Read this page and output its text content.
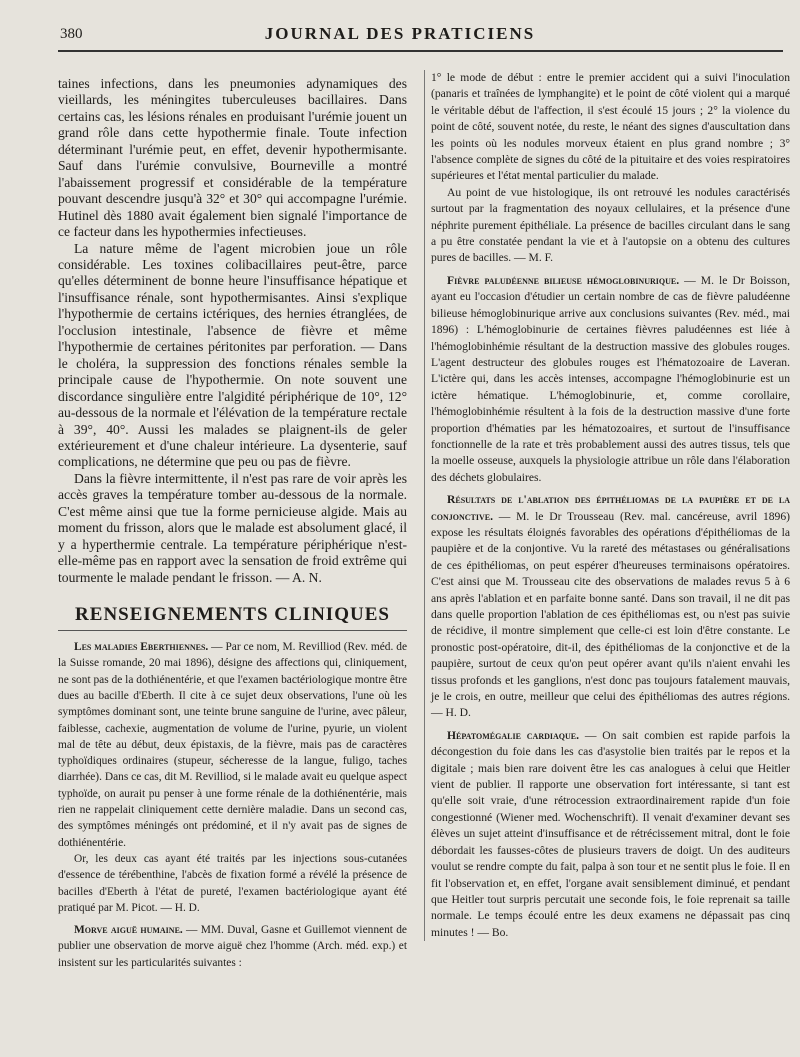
380	JOURNAL DES PRATICIENS

taines infections, dans les pneumonies adynamiques des vieillards, les méningites tuberculeuses bacillaires. Dans certains cas, les lésions rénales en produisant l'urémie jouent un grand rôle dans cette hypothermie finale. Toute infection déterminant l'urémie peut, en effet, devenir hypothermisante. Sauf dans l'urémie convulsive, Bourneville a montré l'abaissement progressif et considérable de la température pouvant descendre jusqu'à 32° et 30° qui accompagne l'urémie. Hutinel dès 1880 avait également bien signalé l'importance de ce facteur dans les hypothermies infectieuses.

La nature même de l'agent microbien joue un rôle considérable. Les toxines colibacillaires peut-être, parce qu'elles déterminent de bonne heure l'insuffisance hépatique et l'insuffisance rénale, sont hypothermisantes. Ainsi s'explique l'hypothermie de certains ictériques, des hernies étranglées, de l'occlusion intestinale, l'absence de fièvre et même l'hypothermie de certaines péritonites par perforation. — Dans le choléra, la suppression des fonctions rénales semble la principale cause de l'hypothermie. On note souvent une discordance singulière entre l'algidité périphérique de 10°, 12° au-dessous de la normale et l'élévation de la température rectale à 39°, 40°. Aussi les malades se plaignent-ils de geler extérieurement et d'une chaleur intérieure. La dysenterie, sauf complications, ne détermine que peu ou pas de fièvre.

Dans la fièvre intermittente, il n'est pas rare de voir après les accès graves la température tomber au-dessous de la normale. C'est même ainsi que tue la forme pernicieuse algide. Mais au moment du frisson, alors que le malade est absolument glacé, il y a hyperthermie centrale. La température périphérique n'est-elle-même pas en rapport avec la sensation de froid extrême qui tourmente le malade pendant le frisson. — A. N.

RENSEIGNEMENTS CLINIQUES

Les maladies Eberthiennes. — Par ce nom, M. Revilliod (Rev. méd. de la Suisse romande, 20 mai 1896), désigne des affections qui, cliniquement, ne sont pas de la dothiénentérie, et que l'examen bactériologique montre être dues au bacille d'Eberth. Il cite à ce sujet deux observations, l'une où les symptômes dominant sont, une teinte brune sanguine de l'urine, avec pâleur, faiblesse, cachexie, augmentation de volume de l'urine, pyurie, un violent mal de tête au début, deux épistaxis, de la fièvre, mais pas de caractères typhoïdiques ordinaires (stupeur, sécheresse de la langue, fuligo, taches diarrhée). Dans ce cas, dit M. Revilliod, si le malade avait eu quelque aspect typhoïde, on aurait pu penser à une forme rénale de la dothiénentérie, mais rien ne rappelait cliniquement cette dernière maladie. Dans un second cas, des symptômes méningés ont prédominé, et il n'y avait pas de signes de dothiénentérie.

Or, les deux cas ayant été traités par les injections sous-cutanées d'essence de térébenthine, l'abcès de fixation formé a révélé la présence de bacilles d'Eberth à l'état de pureté, l'examen bactériologique ayant été pratiqué par M. Picot. — H. D.

Morve aiguë humaine. — MM. Duval, Gasne et Guillemot viennent de publier une observation de morve aiguë chez l'homme (Arch. méd. exp.) et insistent sur les particularités suivantes :

1° le mode de début : entre le premier accident qui a suivi l'inoculation (panaris et traînées de lymphangite) et le point de côté violent qui a marqué le véritable début de l'affection, il s'est écoulé 15 jours ; 2° la violence du point de côté, souvent notée, du reste, le néant des signes d'auscultation dans les points où les nodules morveux étaient en plus grand nombre ; 3° l'absence complète de signes du côté de la pituitaire et des voies respiratoires supérieures et l'état mental particulier du malade.

Au point de vue histologique, ils ont retrouvé les nodules caractérisés surtout par la fragmentation des noyaux cellulaires, et la présence d'une néphrite purement épithéliale. La présence de bacilles circulant dans le sang a pu être constatée pendant la vie et à l'autopsie on a obtenu des cultures pures de bacilles. — M. F.

Fièvre paludéenne bilieuse hémoglobinurique. — M. le Dr Boisson, ayant eu l'occasion d'étudier un certain nombre de cas de fièvre paludéenne bilieuse hémoglobinurique arrive aux conclusions suivantes (Rev. méd., mai 1896) : L'hémoglobinurie de certaines fièvres paludéennes est liée à l'hémoglobinhémie résultant de la destruction massive des globules rouges. L'agent destructeur des globules rouges est l'hématozoaire de Laveran. L'ictère qui, dans les accès intenses, accompagne l'hémoglobinurie est un ictère hématique. L'hémoglobinurie, et, comme corollaire, l'hémoglobinhémie résultent à la fois de la destruction massive d'une forte proportion d'hématies par les hématozoaires, et surtout de l'insuffisance fonctionnelle de la rate et très probablement aussi des autres tissus, tels que la moelle osseuse, auxquels la physiologie attribue un rôle dans l'élaboration des déchets globulaires.

Résultats de l'ablation des épithéliomas de la paupière et de la conjonctive. — M. le Dr Trousseau (Rev. mal. cancéreuse, avril 1896) expose les résultats éloignés favorables des opérations d'épithéliomas de la paupière et de la conjontive. Vu la rareté des métastases ou généralisations de ces épithéliomas, on peut espérer d'heureuses terminaisons opératoires. C'est ainsi que M. Trousseau cite des observations de malades revus 5 à 6 ans après l'ablation et en parfaite bonne santé. Dans son travail, il ne dit pas dans quelle proportion l'ablation de ces épithéliomas est, ou n'est pas suivie de récidive, il montre simplement que celle-ci est loin d'être constante. Le pronostic post-opératoire, dit-il, des épithéliomas de la conjonctive et de la paupière, surtout de ceux qu'on peut opérer avant qu'ils n'aient envahi les tissus profonds et les ganglions, n'est donc pas toujours fatalement mauvais, je le crois, en outre, meilleur que celui des épithéliomas des autres régions. — H. D.

Hépatomégalie cardiaque. — On sait combien est rapide parfois la décongestion du foie dans les cas d'asystolie bien traités par le repos et la digitale ; mais bien rare doivent être les cas analogues à celui que Heitler vient de publier. Il rapporte une observation fort intéressante, si tant est qu'elle soit vraie, d'une rétrocession extraordinairement rapide d'un foie congestionné (Wiener med. Wochenschrift). Il venait d'examiner devant ses élèves un sujet atteint d'insuffisance et de rétrécissement mitral, dont le foie débordait les fausses-côtes de plusieurs travers de doigt. Un des auditeurs voulut se rendre compte du fait, palpa à son tour et ne sentit plus le foie. Il en fit l'observation et, en effet, l'organe avait sensiblement diminué, et pendant que Heitler tout surpris percutait une seconde fois, le foie reprenait sa taille normale. Le temps écoulé entre les deux examens ne dépassait pas cinq minutes ! — Bo.
